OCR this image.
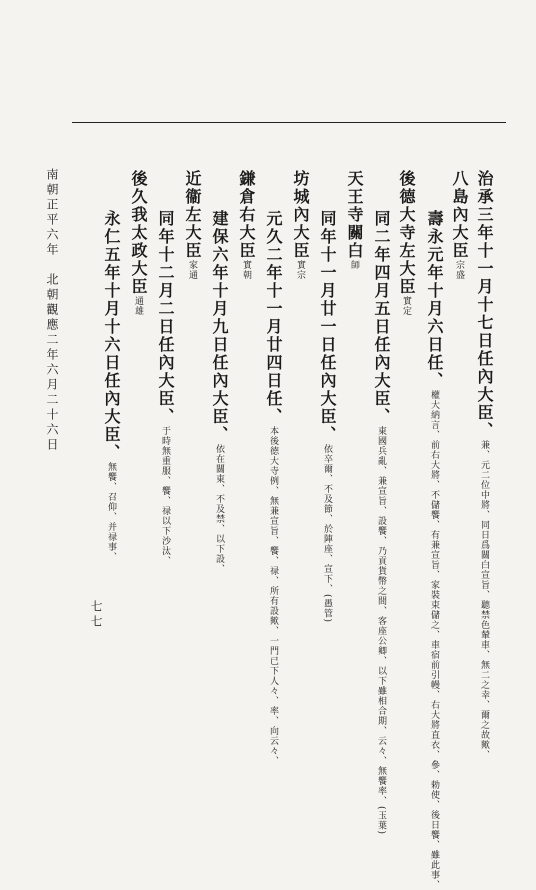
七七
南朝正平六年　北朝觀應二年六月二十六日	治承三年十一月十七日任內大臣、兼、元二位中將、同日爲關白宣旨、聽禁色輦車、無二之幸、爾之故歟、
八島內大臣宗盛
壽永元年十月六日任、權大納言、前右大將、不儲饗、有兼宣旨、家裝束儲之、車宿前引幔、右大將直衣、參、勅使、後日饗、雖此事、
後德大寺左大臣實定
同二年四月五日任內大臣、東國兵亂、兼宣旨、設饗、乃貢貨幣之間、客座公卿、以下雖相合期、云々、無饗率、(玉葉)
天王寺關白師
同年十一月廿一日任內大臣、依卒爾、不及節、於陣座、宣下、(愚管)
坊城內大臣實宗
元久二年十一月廿四日任、本後徳大寺例、無兼宣旨、饗、禄、所有設歟、一門已下人々、率、向云々、
鎌倉右大臣實朝
建保六年十月九日任內大臣、依在關東、不及禁、以下設、
近衞左大臣家通
同年十二月二日任內大臣、于時無重服、饗、禄以下沙汰、
後久我太政大臣通雄
永仁五年十月十六日任內大臣、無饗、召仰、并禄事、
